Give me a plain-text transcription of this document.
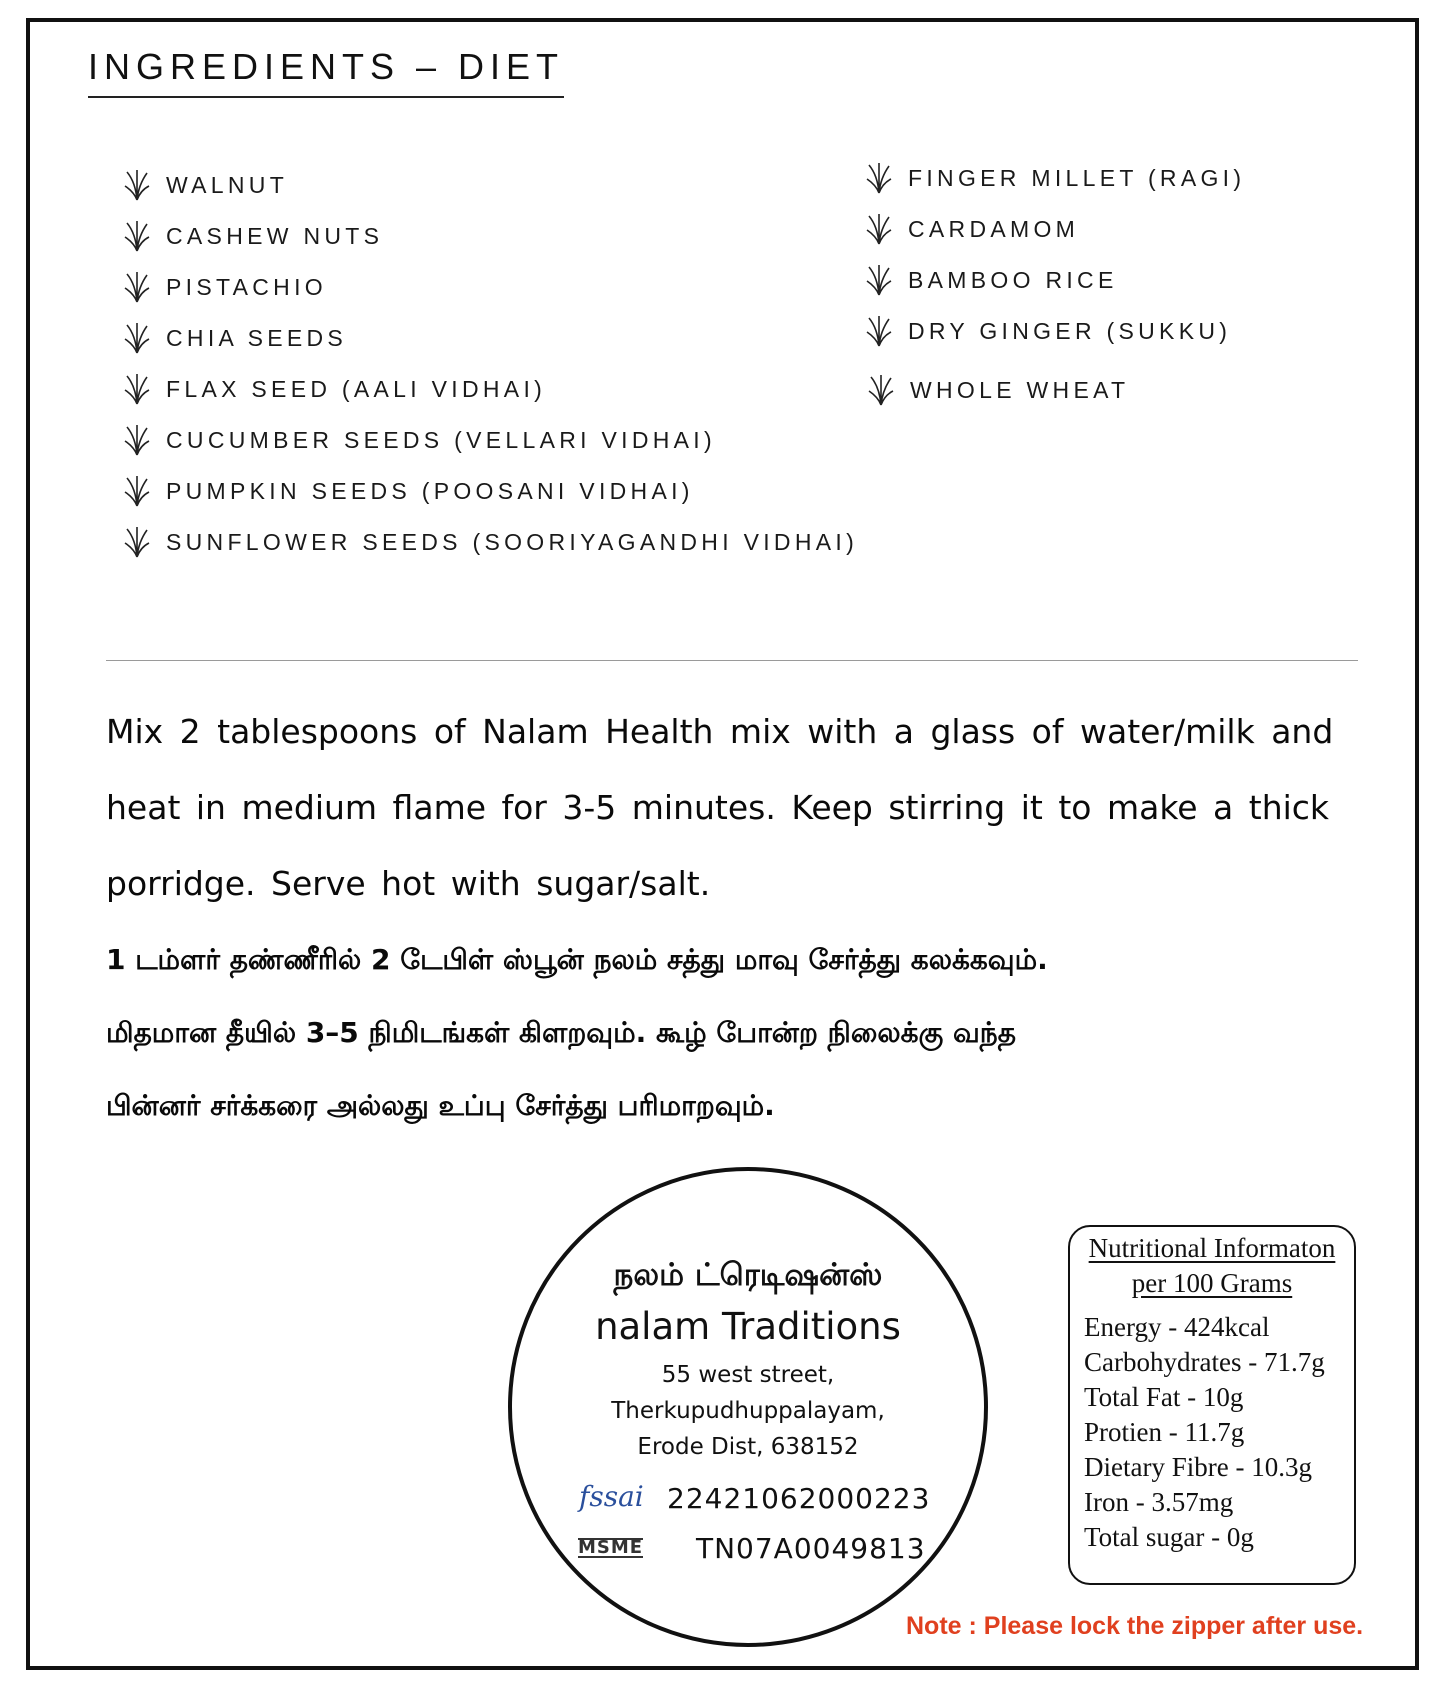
INGREDIENTS – DIET
WALNUT
CASHEW NUTS
PISTACHIO
CHIA SEEDS
FLAX SEED (AALI VIDHAI)
CUCUMBER SEEDS (VELLARI VIDHAI)
PUMPKIN SEEDS (POOSANI VIDHAI)
SUNFLOWER SEEDS (SOORIYAGANDHI VIDHAI)
FINGER MILLET (RAGI)
CARDAMOM
BAMBOO RICE
DRY GINGER (SUKKU)
WHOLE WHEAT
Mix 2 tablespoons of Nalam Health mix with a glass of water/milk and
heat in medium flame for 3-5 minutes. Keep stirring it to make a thick
porridge. Serve hot with sugar/salt.
1 டம்ளர் தண்ணீரில் 2 டேபிள் ஸ்பூன் நலம் சத்து மாவு சேர்த்து கலக்கவும்.
மிதமான தீயில் 3–5 நிமிடங்கள் கிளறவும். கூழ் போன்ற நிலைக்கு வந்த
பின்னர் சர்க்கரை அல்லது உப்பு சேர்த்து பரிமாறவும்.
நலம் ட்ரெடிஷன்ஸ்
nalam Traditions
55 west street,
Therkupudhuppalayam,
Erode Dist, 638152
fssai 22421062000223
MSME TN07A0049813
Nutritional Informaton
per 100 Grams
Energy - 424kcal
Carbohydrates - 71.7g
Total Fat - 10g
Protien - 11.7g
Dietary Fibre - 10.3g
Iron - 3.57mg
Total sugar - 0g
Note : Please lock the zipper after use.
